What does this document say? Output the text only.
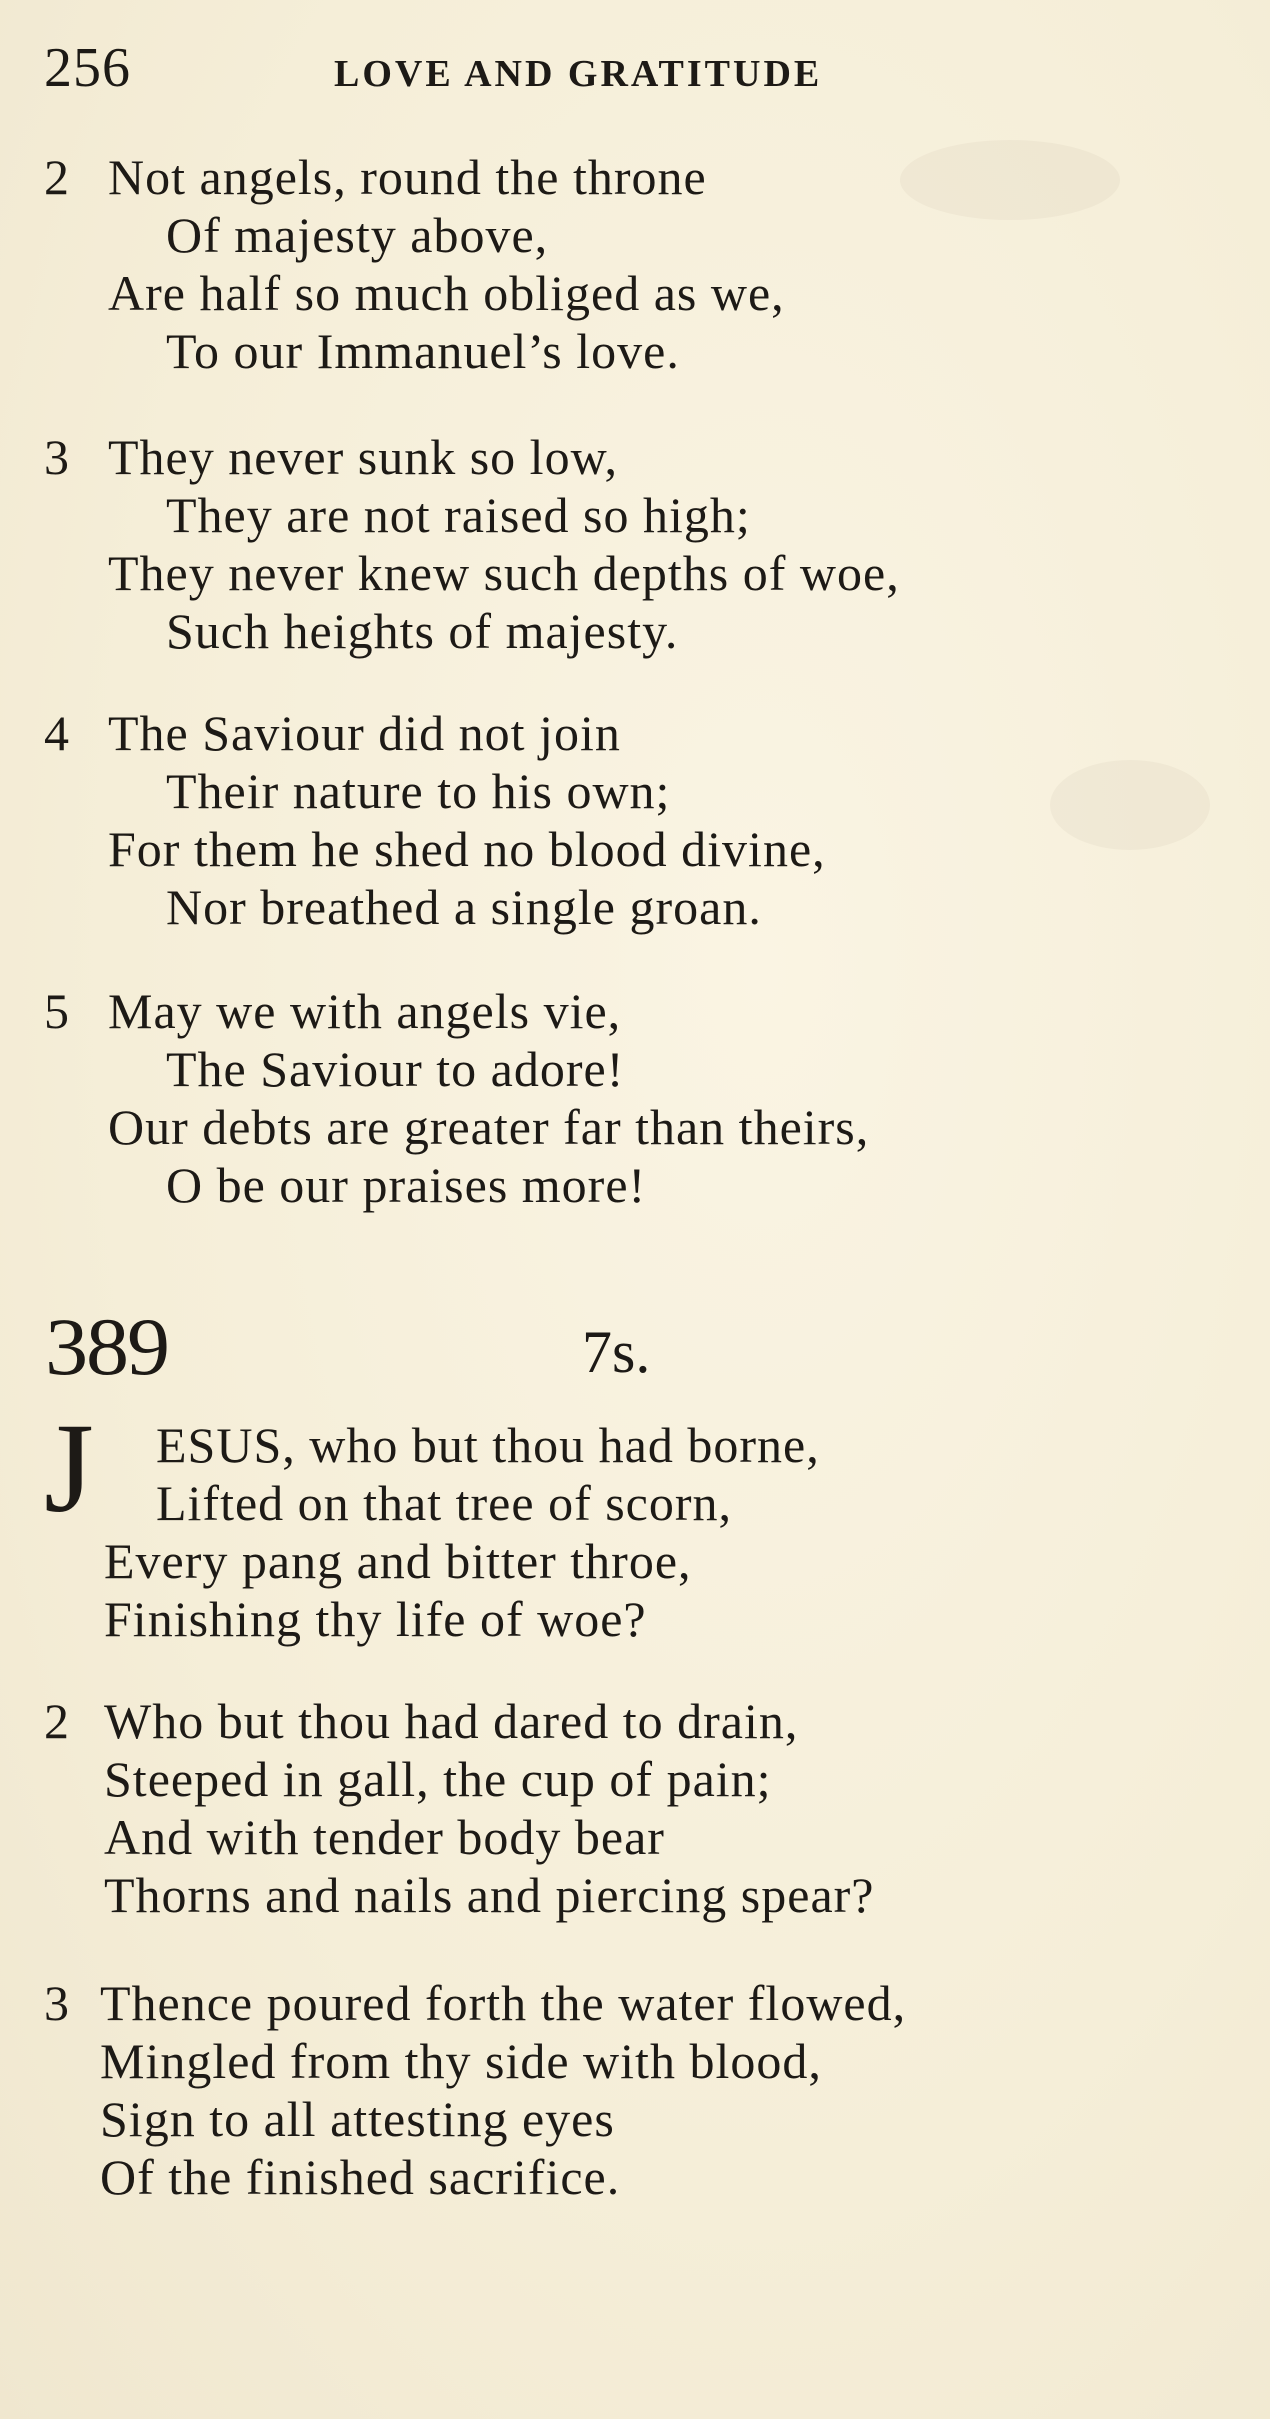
256	LOVE AND GRATITUDE
2 Not angels, round the throne
Of majesty above,
Are half so much obliged as we,
To our Immanuel’s love.
3 They never sunk so low,
They are not raised so high;
They never knew such depths of woe,
Such heights of majesty.
4 The Saviour did not join
Their nature to his own;
For them he shed no blood divine,
Nor breathed a single groan.
5 May we with angels vie,
The Saviour to adore!
Our debts are greater far than theirs,
O be our praises more!
389	7s.
J ESUS, who but thou had borne,
Lifted on that tree of scorn,
Every pang and bitter throe,
Finishing thy life of woe?
2 Who but thou had dared to drain,
Steeped in gall, the cup of pain;
And with tender body bear
Thorns and nails and piercing spear?
3 Thence poured forth the water flowed,
Mingled from thy side with blood,
Sign to all attesting eyes
Of the finished sacrifice.
